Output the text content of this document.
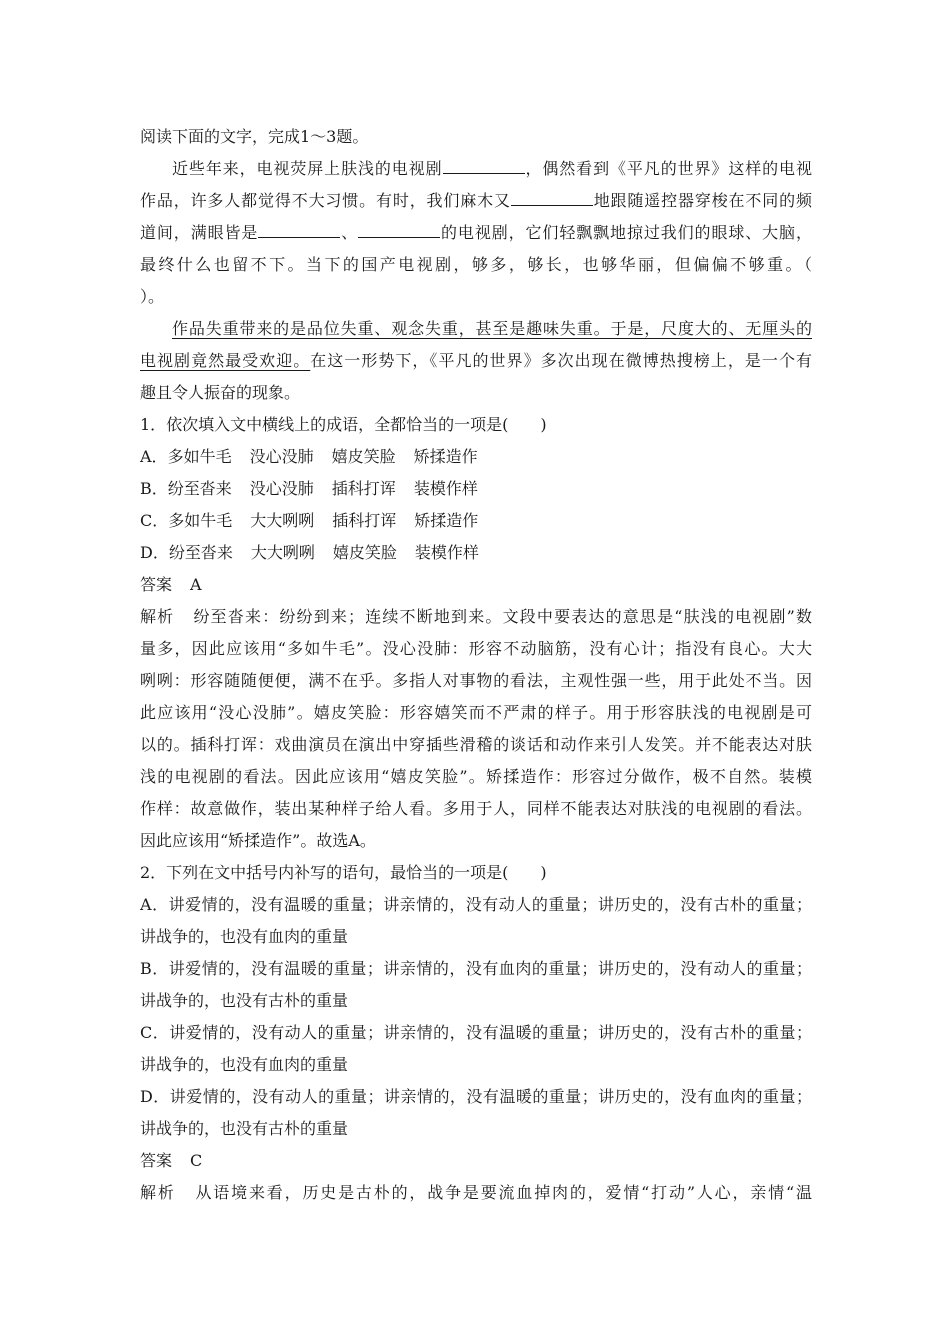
阅读下面的文字，完成1～3题。
近些年来，电视荧屏上肤浅的电视剧	，偶然看到《平凡的世界》这样的电视
作品，许多人都觉得不大习惯。有时，我们麻木又	地跟随遥控器穿梭在不同的频
道间，满眼皆是	、	的电视剧，它们轻飘飘地掠过我们的眼球、大脑，
最终什么也留不下。当下的国产电视剧，够多，够长，也够华丽，但偏偏不够重。（
）。
作品失重带来的是品位失重、观念失重，甚至是趣味失重。于是，尺度大的、无厘头的
电视剧竟然最受欢迎。在这一形势下，《平凡的世界》多次出现在微博热搜榜上，是一个有
趣且令人振奋的现象。
1．依次填入文中横线上的成语，全都恰当的一项是(　　)
A．多如牛毛 没心没肺 嬉皮笑脸 矫揉造作
B．纷至沓来 没心没肺 插科打诨 装模作样
C．多如牛毛 大大咧咧 插科打诨 矫揉造作
D．纷至沓来 大大咧咧 嬉皮笑脸 装模作样
答案 A
解析 纷至沓来：纷纷到来；连续不断地到来。文段中要表达的意思是“肤浅的电视剧”数
量多，因此应该用“多如牛毛”。没心没肺：形容不动脑筋，没有心计；指没有良心。大大
咧咧：形容随随便便，满不在乎。多指人对事物的看法，主观性强一些，用于此处不当。因
此应该用“没心没肺”。嬉皮笑脸：形容嬉笑而不严肃的样子。用于形容肤浅的电视剧是可
以的。插科打诨：戏曲演员在演出中穿插些滑稽的谈话和动作来引人发笑。并不能表达对肤
浅的电视剧的看法。因此应该用“嬉皮笑脸”。矫揉造作：形容过分做作，极不自然。装模
作样：故意做作，装出某种样子给人看。多用于人，同样不能表达对肤浅的电视剧的看法。
因此应该用“矫揉造作”。故选A。
2．下列在文中括号内补写的语句，最恰当的一项是(　　)
A．讲爱情的，没有温暖的重量；讲亲情的，没有动人的重量；讲历史的，没有古朴的重量；
讲战争的，也没有血肉的重量
B．讲爱情的，没有温暖的重量；讲亲情的，没有血肉的重量；讲历史的，没有动人的重量；
讲战争的，也没有古朴的重量
C．讲爱情的，没有动人的重量；讲亲情的，没有温暖的重量；讲历史的，没有古朴的重量；
讲战争的，也没有血肉的重量
D．讲爱情的，没有动人的重量；讲亲情的，没有温暖的重量；讲历史的，没有血肉的重量；
讲战争的，也没有古朴的重量
答案 C
解析 从语境来看，历史是古朴的，战争是要流血掉肉的，爱情“打动”人心，亲情“温
